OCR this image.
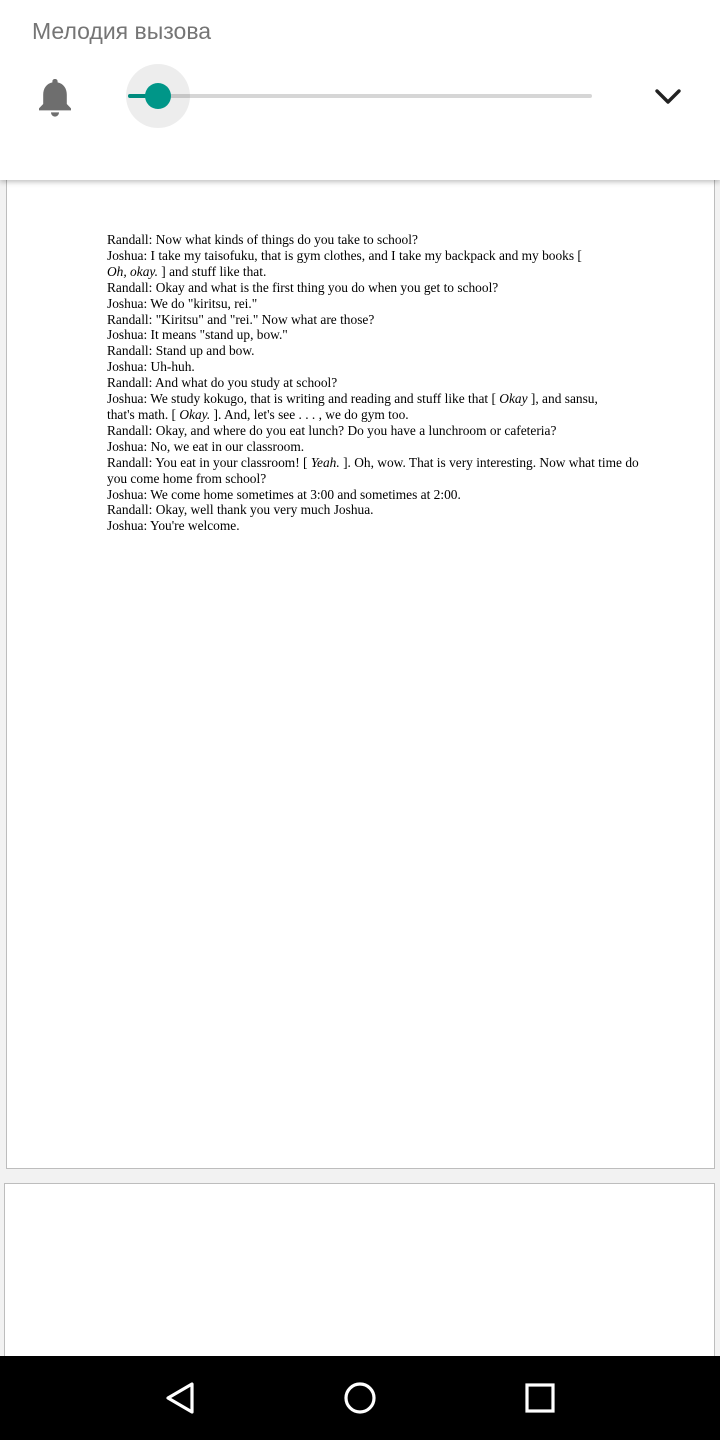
Мелодия вызова
Randall: Now what kinds of things do you take to school?
Joshua: I take my taisofuku, that is gym clothes, and I take my backpack and my books [
Oh, okay. ] and stuff like that.
Randall: Okay and what is the first thing you do when you get to school?
Joshua: We do "kiritsu, rei."
Randall: "Kiritsu" and "rei." Now what are those?
Joshua: It means "stand up, bow."
Randall: Stand up and bow.
Joshua: Uh-huh.
Randall: And what do you study at school?
Joshua: We study kokugo, that is writing and reading and stuff like that [ Okay ], and sansu,
that's math. [ Okay. ]. And, let's see . . . , we do gym too.
Randall: Okay, and where do you eat lunch? Do you have a lunchroom or cafeteria?
Joshua: No, we eat in our classroom.
Randall: You eat in your classroom! [ Yeah. ]. Oh, wow. That is very interesting. Now what time do
you come home from school?
Joshua: We come home sometimes at 3:00 and sometimes at 2:00.
Randall: Okay, well thank you very much Joshua.
Joshua: You're welcome.
